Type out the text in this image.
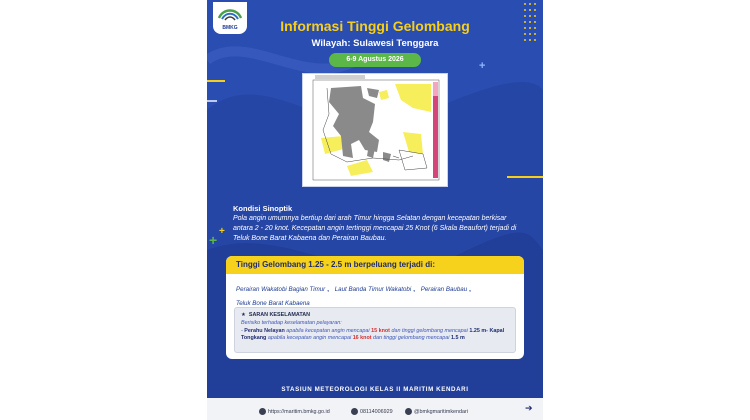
BMKG
+
+
+
Informasi Tinggi Gelombang
Wilayah: Sulawesi Tenggara
6-9 Agustus 2026
Kondisi Sinoptik
Pola angin umumnya bertiup dari arah Timur hingga Selatan dengan kecepatan berkisar antara 2 - 20 knot. Kecepatan angin tertinggi mencapai 25 Knot (6 Skala Beaufort) terjadi di Teluk Bone Barat Kabaena dan Perairan Baubau.
Tinggi Gelombang 1.25 - 2.5 m berpeluang terjadi di:
Perairan Wakatobi Bagian Timur , Laut Banda Timur Wakatobi , Perairan Baubau ,
Teluk Bone Barat Kabaena
★ SARAN KESELAMATAN
Berisiko terhadap keselamatan pelayaran:
- Perahu Nelayan apabila kecepatan angin mencapai 15 knot dan tinggi gelombang mencapai 1.25 m- Kapal Tongkang apabila kecepatan angin mencapai 16 knot dan tinggi gelombang mencapai 1.5 m
STASIUN METEOROLOGI KELAS II MARITIM KENDARI
https://maritim.bmkg.go.id	08114006929	@bmkgmaritimkendari	➔
